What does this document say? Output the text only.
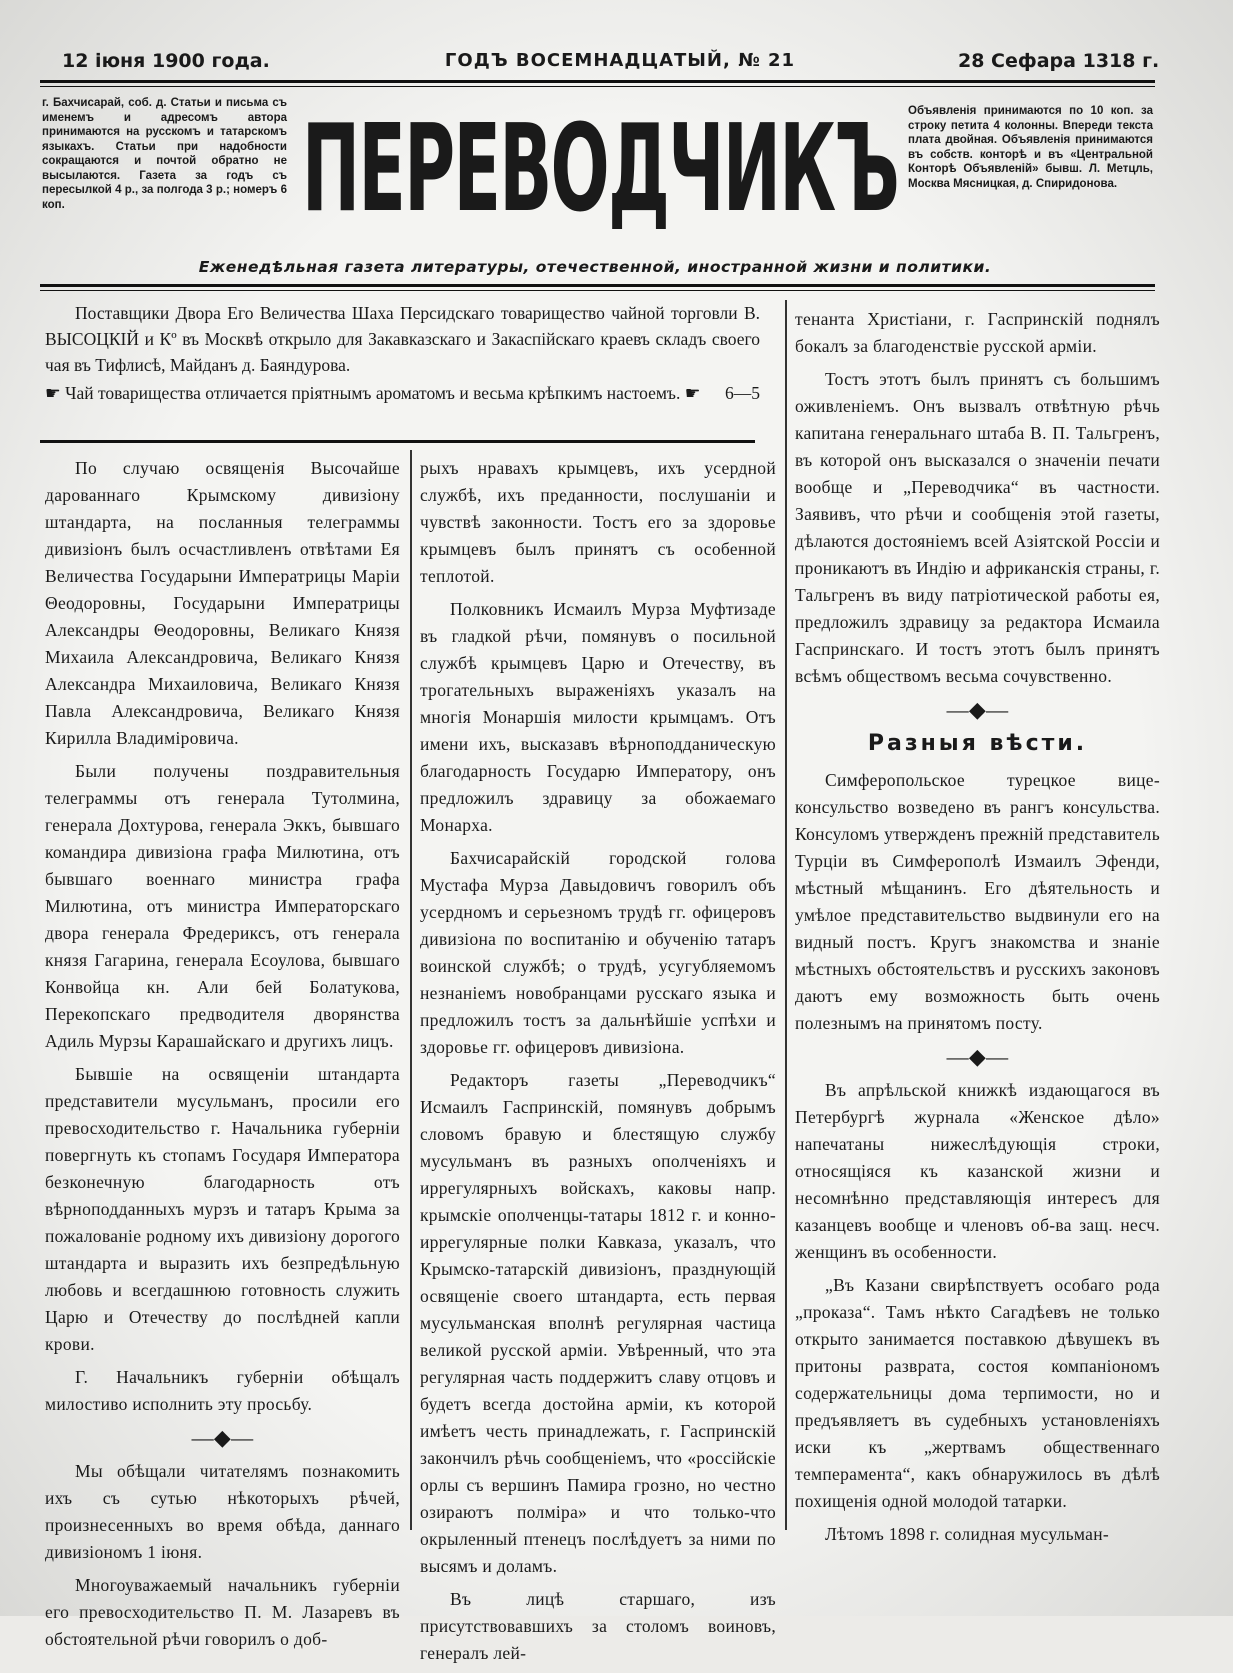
12 іюня 1900 года.	ГОДЪ ВОСЕМНАДЦАТЫЙ, № 21	28 Сефара 1318 г.
г. Бахчисарай, соб. д. Статьи и письма съ именемъ и адресомъ автора принимаются на русскомъ и татарскомъ языкахъ. Статьи при надобности сокращаются и почтой обратно не высылаются. Газета за годъ съ пересылкой 4 р., за полгода 3 р.; номеръ 6 коп.	ПЕРЕВОДЧИКЪ Объявленія принимаются по 10 коп. за строку петита 4 колонны. Впереди текста плата двойная. Объявленія принимаются въ собств. конторѣ и въ «Центральной Конторѣ Объявленій» бывш. Л. Метцль, Москва Мясницкая, д. Спиридонова.
Еженедѣльная газета литературы, отечественной, иностранной жизни и политики.

Поставщики Двора Его Величества Шаха Персидскаго товарищество чайной торговли В. ВЫСОЦКІЙ и Кº въ Москвѣ открыло для Закавказскаго и Закаспійскаго краевъ складъ своего чая въ Тифлисѣ, Майданъ д. Баяндурова.

6—5
☛ Чай товарищества отличается пріятнымъ ароматомъ и весьма крѣпкимъ настоемъ. ☛

По случаю освященія Высочайше дарованнаго Крымскому дивизіону штандарта, на посланныя телеграммы дивизіонъ былъ осчастливленъ отвѣтами Ея Величества Государыни Императрицы Маріи Θеодоровны, Государыни Императрицы Александры Θеодоровны, Великаго Князя Михаила Александровича, Великаго Князя Александра Михаиловича, Великаго Князя Павла Александровича, Великаго Князя Кирилла Владиміровича.

Были получены поздравительныя телеграммы отъ генерала Тутолмина, генерала Дохтурова, генерала Эккъ, бывшаго командира дивизіона графа Милютина, отъ бывшаго военнаго министра графа Милютина, отъ министра Императорскаго двора генерала Фредериксъ, отъ генерала князя Гагарина, генерала Есоулова, бывшаго Конвойца кн. Али бей Болатукова, Перекопскаго предводителя дворянства Адиль Мурзы Карашайскаго и другихъ лицъ.

Бывшіе на освященіи штандарта представители мусульманъ, просили его превосходительство г. Начальника губерніи повергнуть къ стопамъ Государя Императора безконечную благодарность отъ вѣрноподданныхъ мурзъ и татаръ Крыма за пожалованіе родному ихъ дивизіону дорогого штандарта и выразить ихъ безпредѣльную любовь и всегдашнюю готовность служить Царю и Отечеству до послѣдней капли крови.

Г. Начальникъ губерніи обѣщалъ милостиво исполнить эту просьбу.

—◆—

Мы обѣщали читателямъ познакомить ихъ съ сутью нѣкоторыхъ рѣчей, произнесенныхъ во время обѣда, даннаго дивизіономъ 1 іюня.

Многоуважаемый начальникъ губерніи его превосходительство П. М. Лазаревъ въ обстоятельной рѣчи говорилъ о доб-

рыхъ нравахъ крымцевъ, ихъ усердной службѣ, ихъ преданности, послушаніи и чувствѣ законности. Тостъ его за здоровье крымцевъ былъ принятъ съ особенной теплотой.

Полковникъ Исмаилъ Мурза Муфтизаде въ гладкой рѣчи, помянувъ о посильной службѣ крымцевъ Царю и Отечеству, въ трогательныхъ выраженіяхъ указалъ на многія Монаршія милости крымцамъ. Отъ имени ихъ, высказавъ вѣрноподданическую благодарность Государю Императору, онъ предложилъ здравицу за обожаемаго Монарха.

Бахчисарайскій городской голова Мустафа Мурза Давыдовичъ говорилъ объ усердномъ и серьезномъ трудѣ гг. офицеровъ дивизіона по воспитанію и обученію татаръ воинской службѣ; о трудѣ, усугубляемомъ незнаніемъ новобранцами русскаго языка и предложилъ тостъ за дальнѣйшіе успѣхи и здоровье гг. офицеровъ дивизіона.

Редакторъ газеты „Переводчикъ“ Исмаилъ Гаспринскій, помянувъ добрымъ словомъ бравую и блестящую службу мусульманъ въ разныхъ ополченіяхъ и иррегулярныхъ войскахъ, каковы напр. крымскіе ополченцы-татары 1812 г. и конно-иррегулярные полки Кавказа, указалъ, что Крымско-татарскій дивизіонъ, празднующій освященіе своего штандарта, есть первая мусульманская вполнѣ регулярная частица великой русской арміи. Увѣренный, что эта регулярная часть поддержитъ славу отцовъ и будетъ всегда достойна арміи, къ которой имѣетъ честь принадлежать, г. Гаспринскій закончилъ рѣчь сообщеніемъ, что «россійскіе орлы съ вершинъ Памира грозно, но честно озираютъ полміра» и что только-что окрыленный птенецъ послѣдуетъ за ними по высямъ и доламъ.

Въ лицѣ старшаго, изъ присутствовавшихъ за столомъ воиновъ, генералъ лей-

тенанта Христіани, г. Гаспринскій поднялъ бокалъ за благоденствіе русской арміи.

Тостъ этотъ былъ принятъ съ большимъ оживленіемъ. Онъ вызвалъ отвѣтную рѣчь капитана генеральнаго штаба В. П. Тальгренъ, въ которой онъ высказался о значеніи печати вообще и „Переводчика“ въ частности. Заявивъ, что рѣчи и сообщенія этой газеты, дѣлаются достояніемъ всей Азіятской Россіи и проникаютъ въ Индію и африканскія страны, г. Тальгренъ въ виду патріотической работы ея, предложилъ здравицу за редактора Исмаила Гаспринскаго. И тостъ этотъ былъ принятъ всѣмъ обществомъ весьма сочувственно.

—◆—
Разныя вѣсти.

Симферопольское турецкое вице-консульство возведено въ рангъ консульства. Консуломъ утвержденъ прежній представитель Турціи въ Симферополѣ Измаилъ Эфенди, мѣстный мѣщанинъ. Его дѣятельность и умѣлое представительство выдвинули его на видный постъ. Кругъ знакомства и знаніе мѣстныхъ обстоятельствъ и русскихъ законовъ даютъ ему возможность быть очень полезнымъ на принятомъ посту.

—◆—

Въ апрѣльской книжкѣ издающагося въ Петербургѣ журнала «Женское дѣло» напечатаны нижеслѣдующія строки, относящіяся къ казанской жизни и несомнѣнно представляющія интересъ для казанцевъ вообще и членовъ об-ва защ. несч. женщинъ въ особенности.

„Въ Казани свирѣпствуетъ особаго рода „проказа“. Тамъ нѣкто Сагадѣевъ не только открыто занимается поставкою дѣвушекъ въ притоны разврата, состоя компаніономъ содержательницы дома терпимости, но и предъявляетъ въ судебныхъ установленіяхъ иски къ „жертвамъ общественнаго темперамента“, какъ обнаружилось въ дѣлѣ похищенія одной молодой татарки.

Лѣтомъ 1898 г. солидная мусульман-
